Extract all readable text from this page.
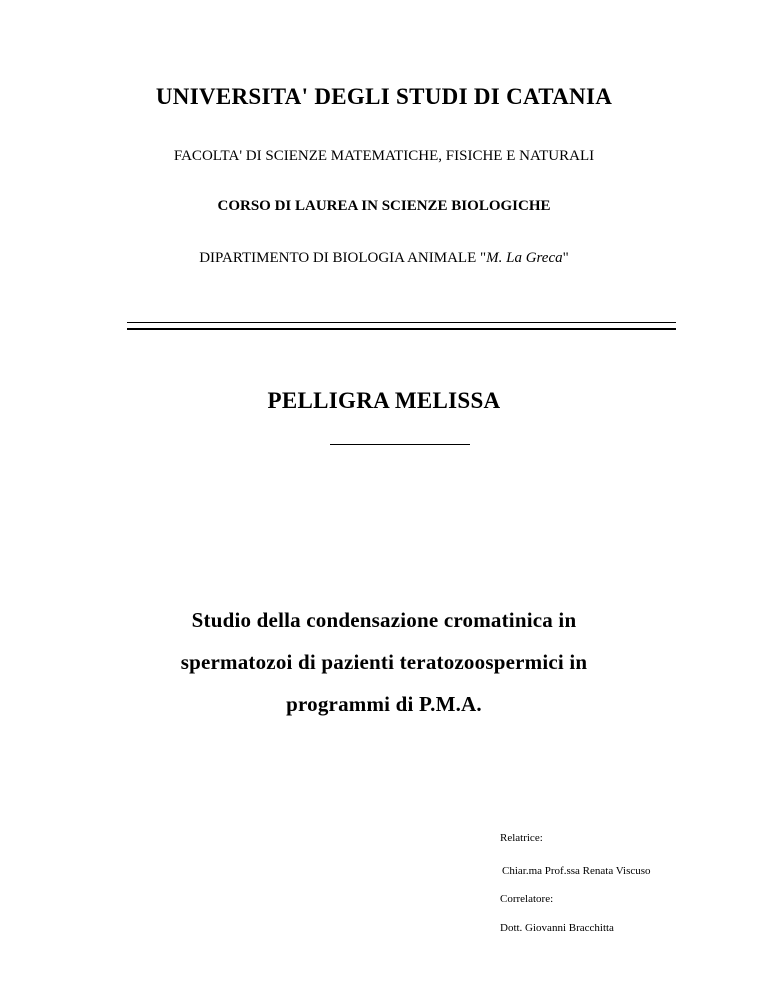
UNIVERSITA' DEGLI STUDI DI CATANIA
FACOLTA' DI SCIENZE MATEMATICHE, FISICHE E NATURALI
CORSO DI LAUREA IN SCIENZE BIOLOGICHE
DIPARTIMENTO DI BIOLOGIA ANIMALE "M. La Greca"
PELLIGRA MELISSA
Studio della condensazione cromatinica in
spermatozoi di pazienti teratozoospermici in
programmi di P.M.A.
Relatrice:
Chiar.ma Prof.ssa Renata Viscuso
Correlatore:
Dott. Giovanni Bracchitta
